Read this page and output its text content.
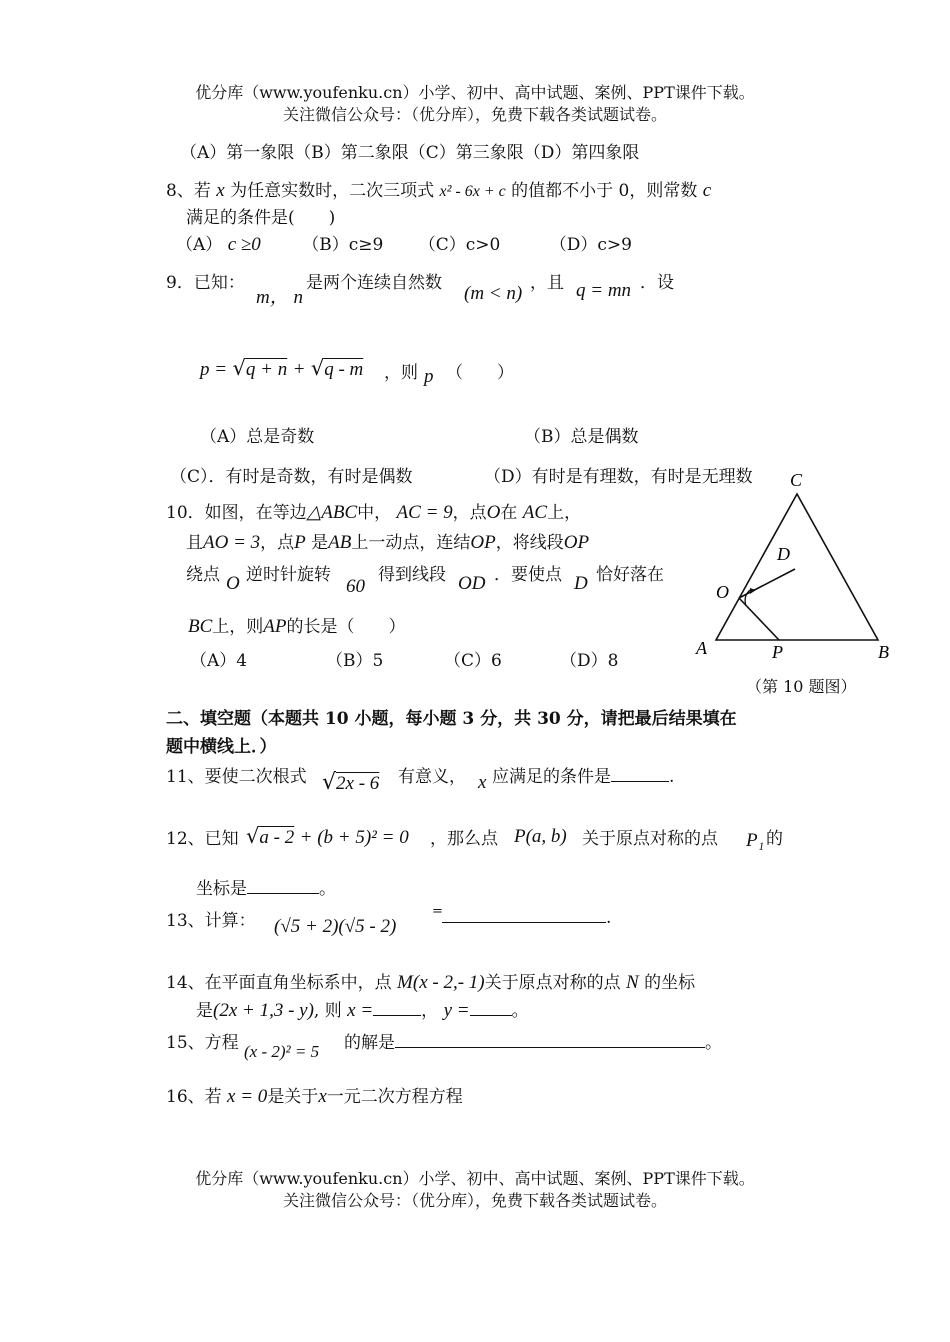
优分库（www.youfenku.cn）小学、初中、高中试题、案例、PPT课件下载。
关注微信公众号：（优分库），免费下载各类试题试卷。
（A）第一象限（B）第二象限（C）第三象限（D）第四象限
8、若 x 为任意实数时，二次三项式 x² - 6x + c 的值都不小于 0，则常数 c
满足的条件是(　　)
（A） c ≥0 （B）c≥9 （C）c>0	（D）c>9
9．已知：
m， n
是两个连续自然数 (m < n) ，且 q = mn ．设
p = √q + n + √q - m ，则 p （　　）
（A）总是奇数	（B）总是偶数
（C）．有时是奇数，有时是偶数	（D）有时是有理数，有时是无理数
10．如图，在等边△ABC中， AC = 9，点O在 AC上，
且AO = 3，点P 是AB上一动点，连结OP，将线段OP
绕点 O 逆时针旋转
60
得到线段 OD ．要使点 D 恰好落在
BC上，则AP的长是（　　）
（A）4	（B）5	（C）6	（D）8
C
D
O
A	P	B
（第 10 题图）
二、填空题（本题共 10 小题，每小题 3 分，共 30 分，请把最后结果填在
题中横线上．）
11、要使二次根式 √2x - 6 有意义， x 应满足的条件是	.
12、已知 √a - 2 + (b + 5)² = 0 ，那么点 P(a, b) 关于原点对称的点 P₁ 的
坐标是	。
13、计算： (√5 + 2)(√5 - 2)
=	.
14、在平面直角坐标系中，点 M(x - 2,- 1)关于原点对称的点 N 的坐标
是(2x + 1,3 - y), 则 x =	， y = 。
15、方程 (x - 2)² = 5 的解是	。
16、若 x = 0是关于x一元二次方程方程
优分库（www.youfenku.cn）小学、初中、高中试题、案例、PPT课件下载。
关注微信公众号：（优分库），免费下载各类试题试卷。
